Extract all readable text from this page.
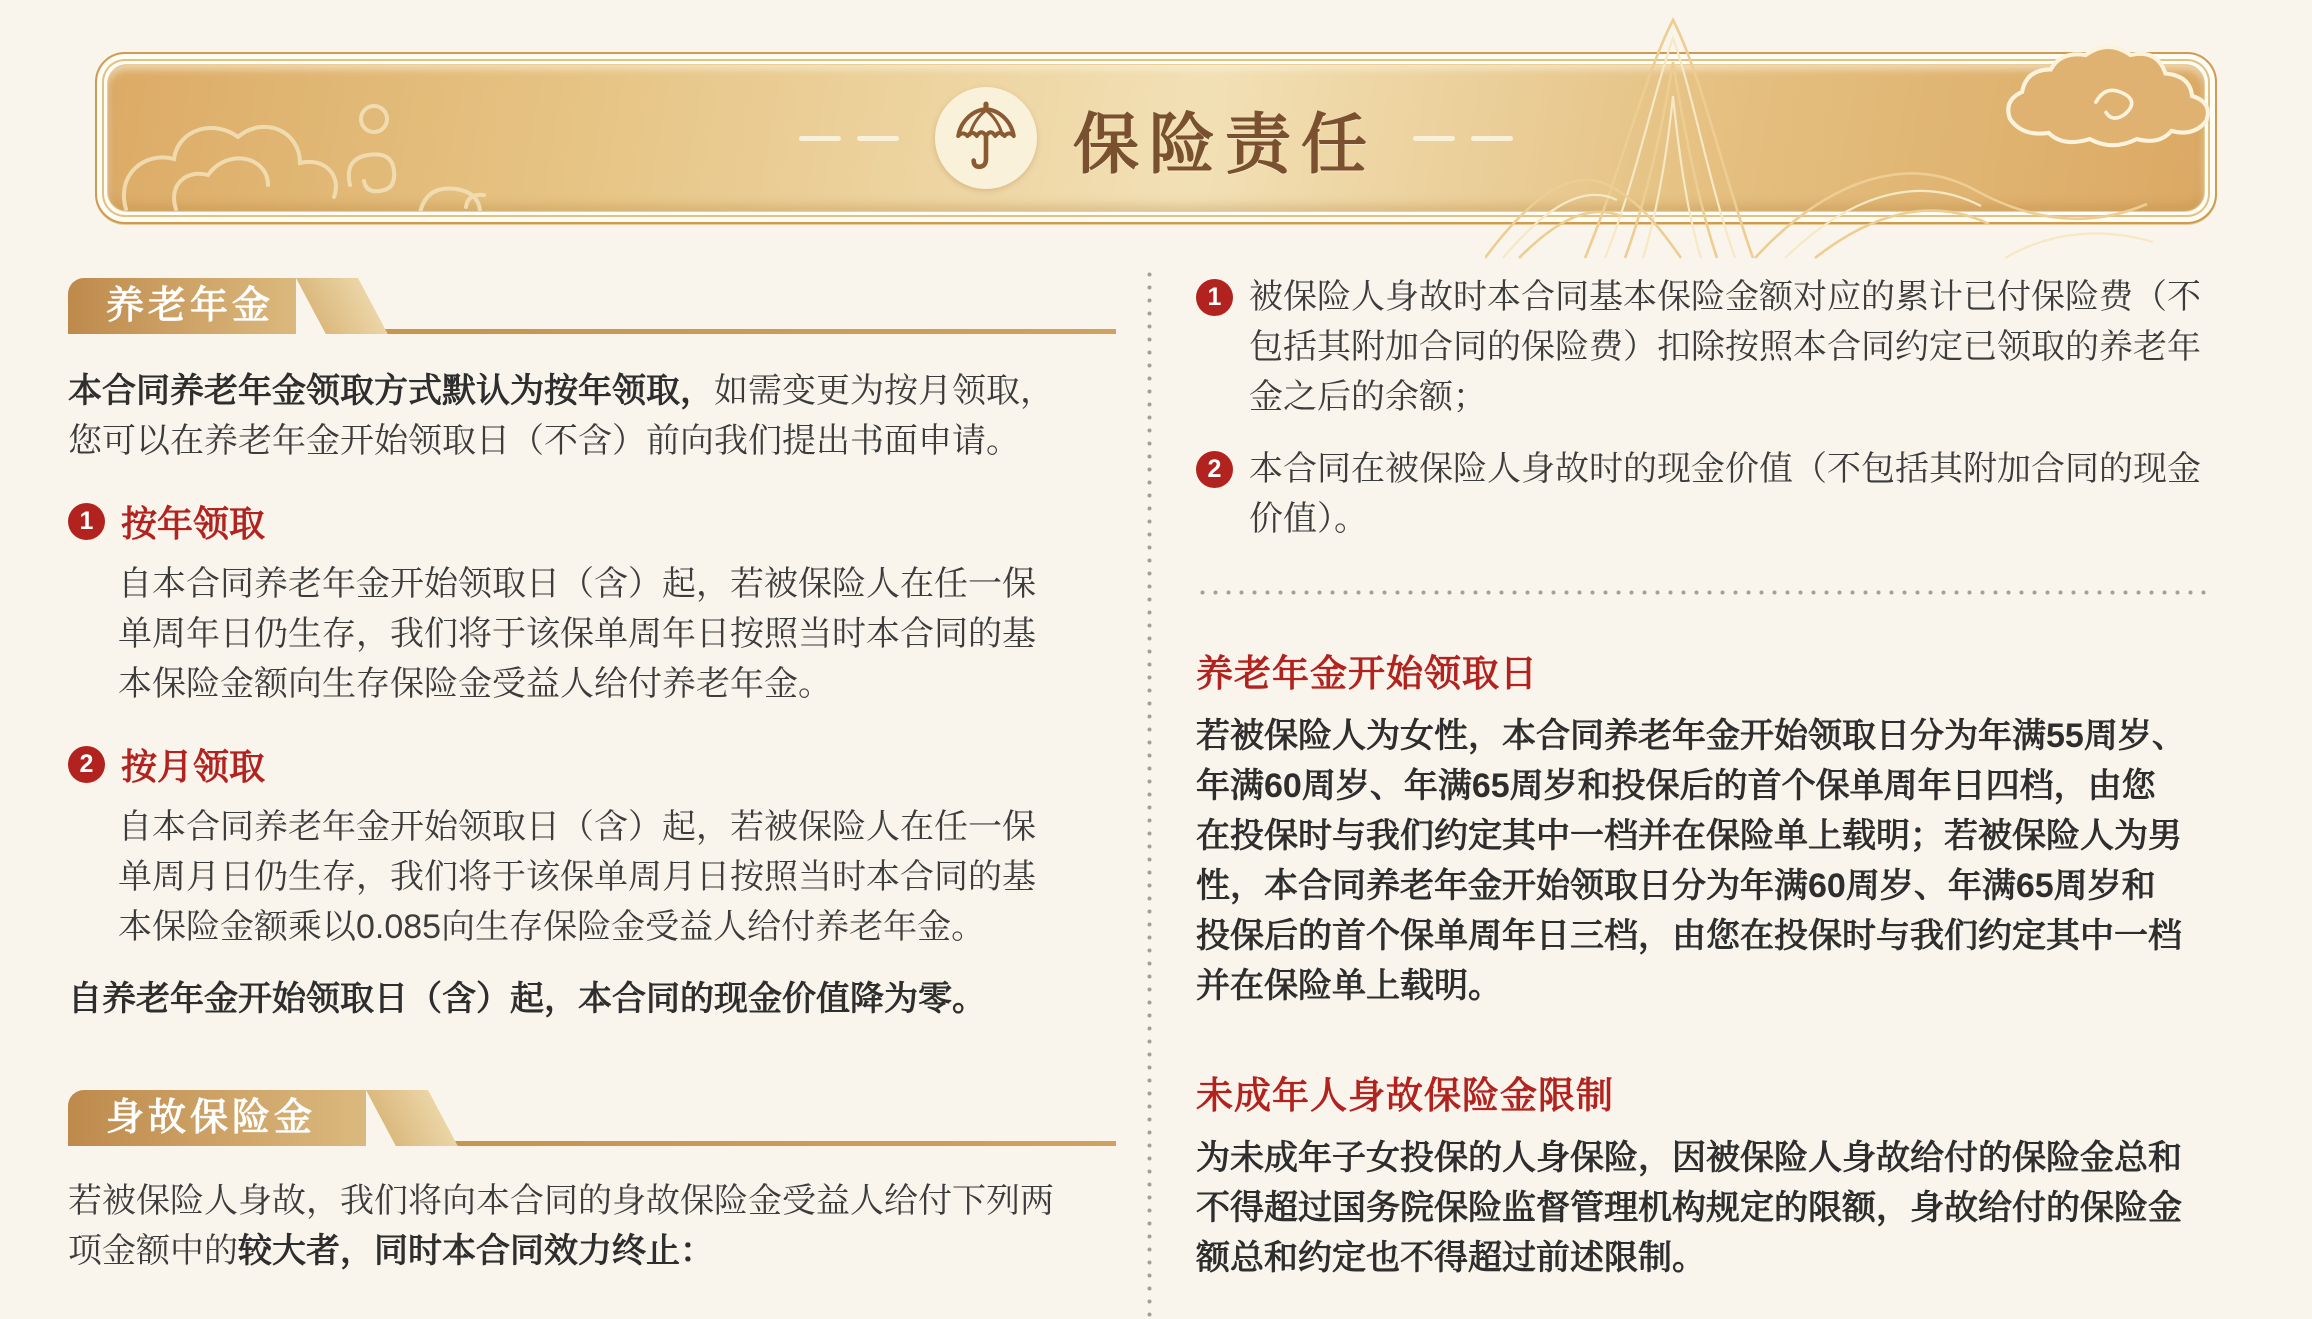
保险责任
养老年金

本合同养老年金领取方式默认为按年领取，如需变更为按月领取，您可以在养老年金开始领取日（不含）前向我们提出书面申请。

1 按年领取

自本合同养老年金开始领取日（含）起，若被保险人在任一保单周年日仍生存，我们将于该保单周年日按照当时本合同的基本保险金额向生存保险金受益人给付养老年金。

2 按月领取

自本合同养老年金开始领取日（含）起，若被保险人在任一保单周月日仍生存，我们将于该保单周月日按照当时本合同的基本保险金额乘以0.085向生存保险金受益人给付养老年金。

自养老年金开始领取日（含）起，本合同的现金价值降为零。

身故保险金

若被保险人身故，我们将向本合同的身故保险金受益人给付下列两项金额中的较大者，同时本合同效力终止：

1 被保险人身故时本合同基本保险金额对应的累计已付保险费（不包括其附加合同的保险费）扣除按照本合同约定已领取的养老年金之后的余额；

2 本合同在被保险人身故时的现金价值（不包括其附加合同的现金价值）。

养老年金开始领取日

若被保险人为女性，本合同养老年金开始领取日分为年满55周岁、年满60周岁、年满65周岁和投保后的首个保单周年日四档，由您在投保时与我们约定其中一档并在保险单上载明；若被保险人为男性，本合同养老年金开始领取日分为年满60周岁、年满65周岁和投保后的首个保单周年日三档，由您在投保时与我们约定其中一档并在保险单上载明。

未成年人身故保险金限制

为未成年子女投保的人身保险，因被保险人身故给付的保险金总和不得超过国务院保险监督管理机构规定的限额，身故给付的保险金额总和约定也不得超过前述限制。
